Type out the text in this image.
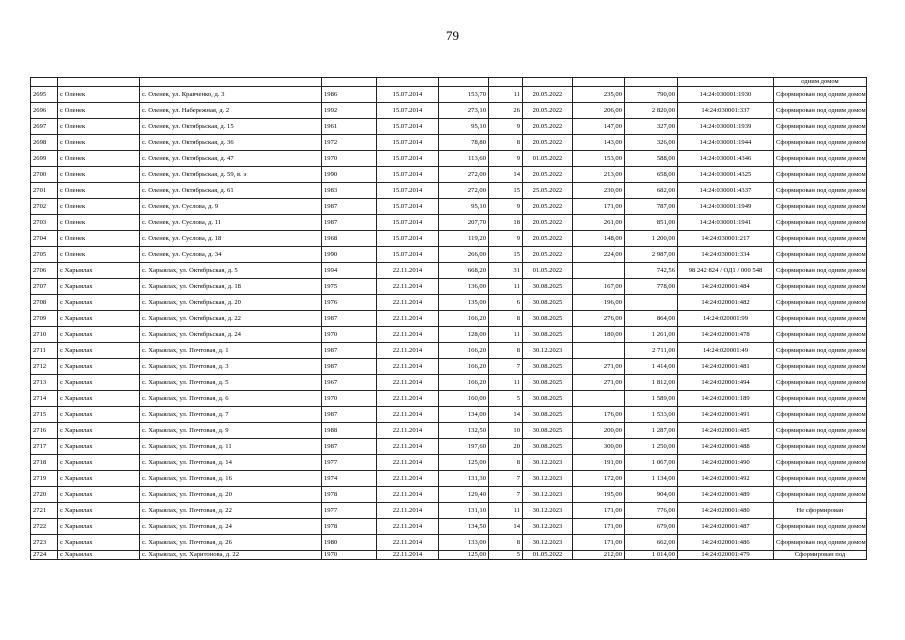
79
											одним домом
2695	с Оленек	с. Оленек, ул. Кравченко, д. 3	1986	15.07.2014	153,70	11	20.05.2022	235,00	790,00	14:24:030001:1930	Сформирован под одним домом
2696	с Оленек	с. Оленек, ул. Набережная, д. 2	1992	15.07.2014	273,10	26	20.05.2022	206,00	2 820,00	14:24:030001:337	Сформирован под одним домом
2697	с Оленек	с. Оленек, ул. Октябрьская, д. 15	1961	15.07.2014	95,10	9	20.05.2022	147,00	327,00	14:24:030001:1939	Сформирован под одним домом
2698	с Оленек	с. Оленек, ул. Октябрьская, д. 36	1972	15.07.2014	78,80	8	20.05.2022	143,00	326,00	14:24:030001:1944	Сформирован под одним домом
2699	с Оленек	с. Оленек, ул. Октябрьская, д. 47	1970	15.07.2014	113,60	9	01.05.2022	153,00	588,00	14:24:030001:4346	Сформирован под одним домом
2700	с Оленек	с. Оленек, ул. Октябрьская, д. 59, в. э	1990	15.07.2014	272,00	14	20.05.2022	213,00	658,00	14:24:030001:4325	Сформирован под одним домом
2701	с Оленек	с. Оленек, ул. Октябрьская, д. 61	1983	15.07.2014	272,00	15	25.05.2022	230,00	682,00	14:24:030001:4337	Сформирован под одним домом
2702	с Оленек	с. Оленек, ул. Суслова, д. 9	1987	15.07.2014	95,10	9	20.05.2022	171,00	787,00	14:24:030001:1949	Сформирован под одним домом
2703	с Оленек	с. Оленек, ул. Суслова, д. 11	1987	15.07.2014	207,70	18	20.05.2022	261,00	851,00	14:24:030001:1941	Сформирован под одним домом
2704	с Оленек	с. Оленек, ул. Суслова, д. 18	1968	15.07.2014	119,20	9	20.05.2022	148,00	1 200,00	14:24:030001:217	Сформирован под одним домом
2705	с Оленек	с. Оленек, ул. Суслова, д. 34	1990	15.07.2014	266,00	15	20.05.2022	224,00	2 987,00	14:24:030001:334	Сформирован под одним домом
2706	с Харыялах	с. Харыялах, ул. Октябрьская, д. 5	1994	22.11.2014	668,20	31	01.05.2022		742,56	98 242 824 / ОД1 / 000 548	Сформирован под одним домом
2707	с Харыялах	с. Харыялах, ул. Октябрьская, д. 18	1975	22.11.2014	136,00	11	30.08.2025	167,00	778,00	14:24:020001:484	Сформирован под одним домом
2708	с Харыялах	с. Харыялах, ул. Октябрьская, д. 20	1976	22.11.2014	135,00	6	30.08.2025	196,00		14:24:020001:482	Сформирован под одним домом
2709	с Харыялах	с. Харыялах, ул. Октябрьская, д. 22	1987	22.11.2014	166,20	8	30.08.2025	276,00	864,00	14:24:020001:99	Сформирован под одним домом
2710	с Харыялах	с. Харыялах, ул. Октябрьская, д. 24	1970	22.11.2014	128,00	11	30.08.2025	180,00	1 261,00	14:24:020001:478	Сформирован под одним домом
2711	с Харыялах	с. Харыялах, ул. Почтовая, д. 1	1987	22.11.2014	166,20	8	30.12.2023		2 711,00	14:24:020001:49	Сформирован под одним домом
2712	с Харыялах	с. Харыялах, ул. Почтовая, д. 3	1987	22.11.2014	166,20	7	30.08.2025	271,00	1 414,00	14:24:020001:481	Сформирован под одним домом
2713	с Харыялах	с. Харыялах, ул. Почтовая, д. 5	1967	22.11.2014	166,20	11	30.08.2025	271,00	1 812,00	14:24:020001:494	Сформирован под одним домом
2714	с Харыялах	с. Харыялах, ул. Почтовая, д. 6	1970	22.11.2014	160,00	5	30.08.2025		1 589,00	14:24:020001:189	Сформирован под одним домом
2715	с Харыялах	с. Харыялах, ул. Почтовая, д. 7	1987	22.11.2014	134,00	14	30.08.2025	176,00	1 533,00	14:24:020001:491	Сформирован под одним домом
2716	с Харыялах	с. Харыялах, ул. Почтовая, д. 9	1988	22.11.2014	132,50	10	30.08.2025	200,00	1 287,00	14:24:020001:485	Сформирован под одним домом
2717	с Харыялах	с. Харыялах, ул. Почтовая, д. 11	1987	22.11.2014	197,60	20	30.08.2025	300,00	1 250,00	14:24:020001:488	Сформирован под одним домом
2718	с Харыялах	с. Харыялах, ул. Почтовая, д. 14	1977	22.11.2014	125,00	8	30.12.2023	191,00	1 067,00	14:24:020001:490	Сформирован под одним домом
2719	с Харыялах	с. Харыялах, ул. Почтовая, д. 16	1974	22.11.2014	131,30	7	30.12.2023	172,00	1 134,00	14:24:020001:492	Сформирован под одним домом
2720	с Харыялах	с. Харыялах, ул. Почтовая, д. 20	1978	22.11.2014	129,40	7	30.12.2023	195,00	904,00	14:24:020001:489	Сформирован под одним домом
2721	с Харыялах	с. Харыялах, ул. Почтовая, д. 22	1977	22.11.2014	131,10	11	30.12.2023	171,00	776,00	14:24:020001:480	Не сформирован
2722	с Харыялах	с. Харыялах, ул. Почтовая, д. 24	1978	22.11.2014	134,50	14	30.12.2023	171,00	679,00	14:24:020001:487	Сформирован под одним домом
2723	с Харыялах	с. Харыялах, ул. Почтовая, д. 26	1980	22.11.2014	133,00	8	30.12.2023	171,00	662,00	14:24:020001:486	Сформирован под одним домом
2724	с Харыялах	с. Харыялах, ул. Харитонова, д. 22	1970	22.11.2014	125,00	5	01.05.2022	212,00	1 014,00	14:24:020001:479	Сформирован под
